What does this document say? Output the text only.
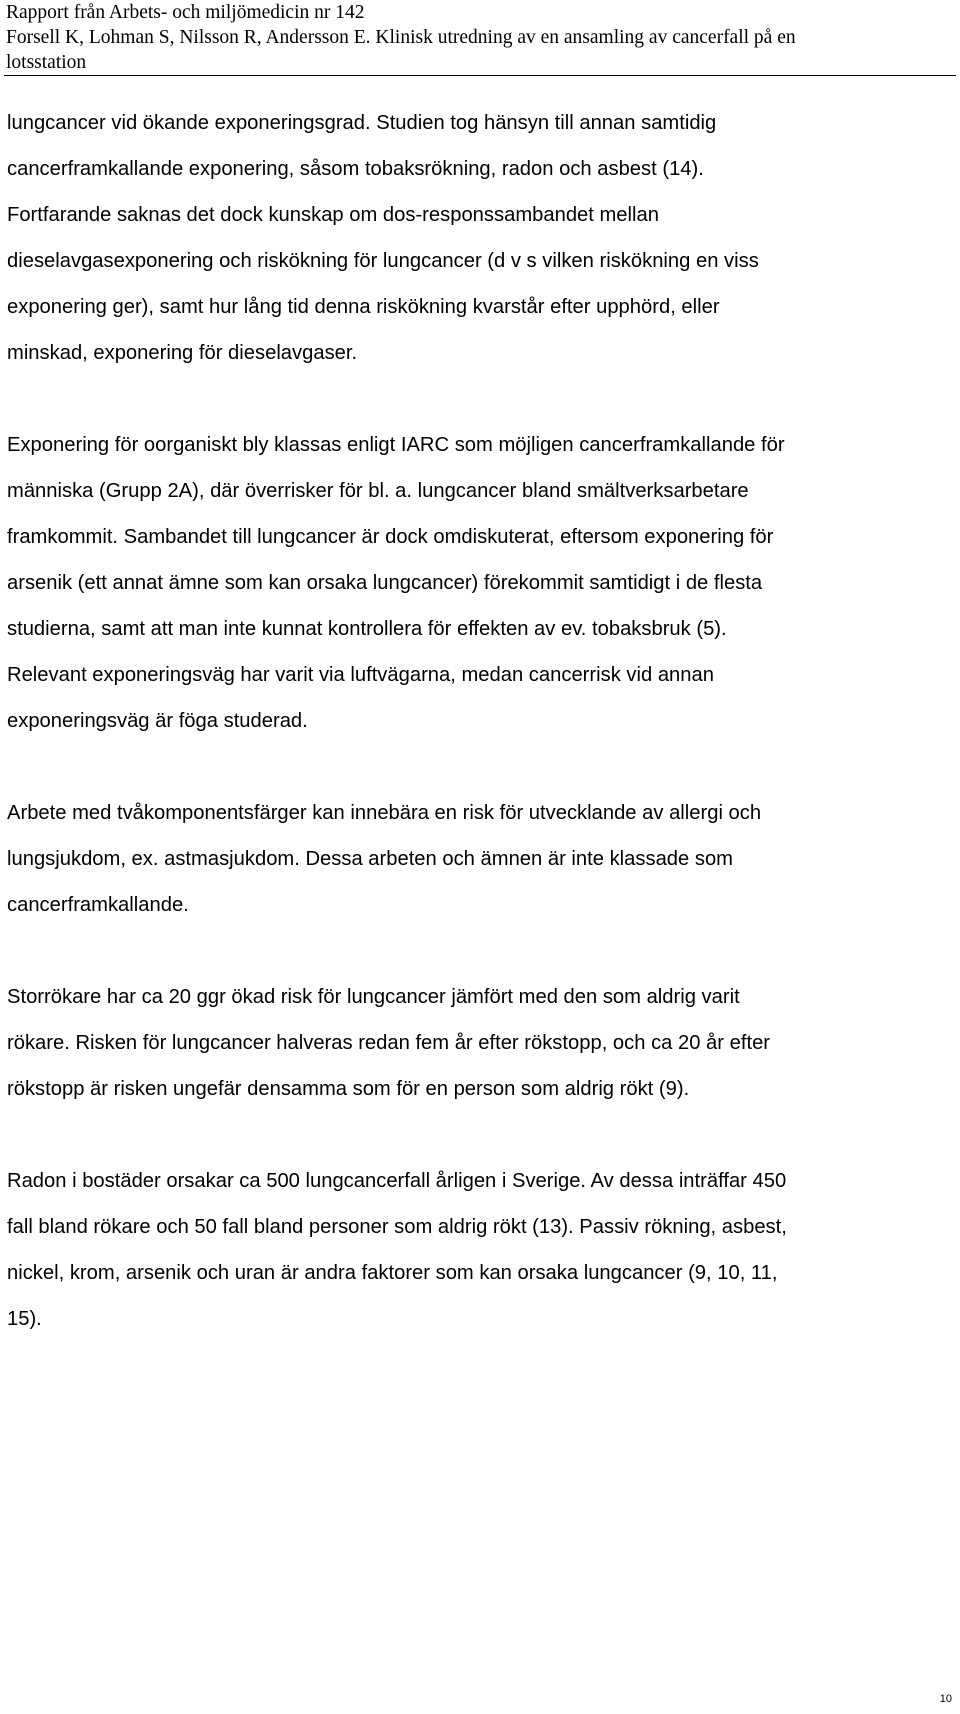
Rapport från Arbets- och miljömedicin nr 142
Forsell K, Lohman S, Nilsson R, Andersson E. Klinisk utredning av en ansamling av cancerfall på en
lotsstation

lungcancer vid ökande exponeringsgrad. Studien tog hänsyn till annan samtidig
cancerframkallande exponering, såsom tobaksrökning, radon och asbest (14).
Fortfarande saknas det dock kunskap om dos-responssambandet mellan
dieselavgasexponering och riskökning för lungcancer (d v s vilken riskökning en viss
exponering ger), samt hur lång tid denna riskökning kvarstår efter upphörd, eller
minskad, exponering för dieselavgaser.

Exponering för oorganiskt bly klassas enligt IARC som möjligen cancerframkallande för
människa (Grupp 2A), där överrisker för bl. a. lungcancer bland smältverksarbetare
framkommit. Sambandet till lungcancer är dock omdiskuterat, eftersom exponering för
arsenik (ett annat ämne som kan orsaka lungcancer) förekommit samtidigt i de flesta
studierna, samt att man inte kunnat kontrollera för effekten av ev. tobaksbruk (5).
Relevant exponeringsväg har varit via luftvägarna, medan cancerrisk vid annan
exponeringsväg är föga studerad.

Arbete med tvåkomponentsfärger kan innebära en risk för utvecklande av allergi och
lungsjukdom, ex. astmasjukdom. Dessa arbeten och ämnen är inte klassade som
cancerframkallande.

Storrökare har ca 20 ggr ökad risk för lungcancer jämfört med den som aldrig varit
rökare. Risken för lungcancer halveras redan fem år efter rökstopp, och ca 20 år efter
rökstopp är risken ungefär densamma som för en person som aldrig rökt (9).

Radon i bostäder orsakar ca 500 lungcancerfall årligen i Sverige. Av dessa inträffar 450
fall bland rökare och 50 fall bland personer som aldrig rökt (13). Passiv rökning, asbest,
nickel, krom, arsenik och uran är andra faktorer som kan orsaka lungcancer (9, 10, 11,
15).

10
